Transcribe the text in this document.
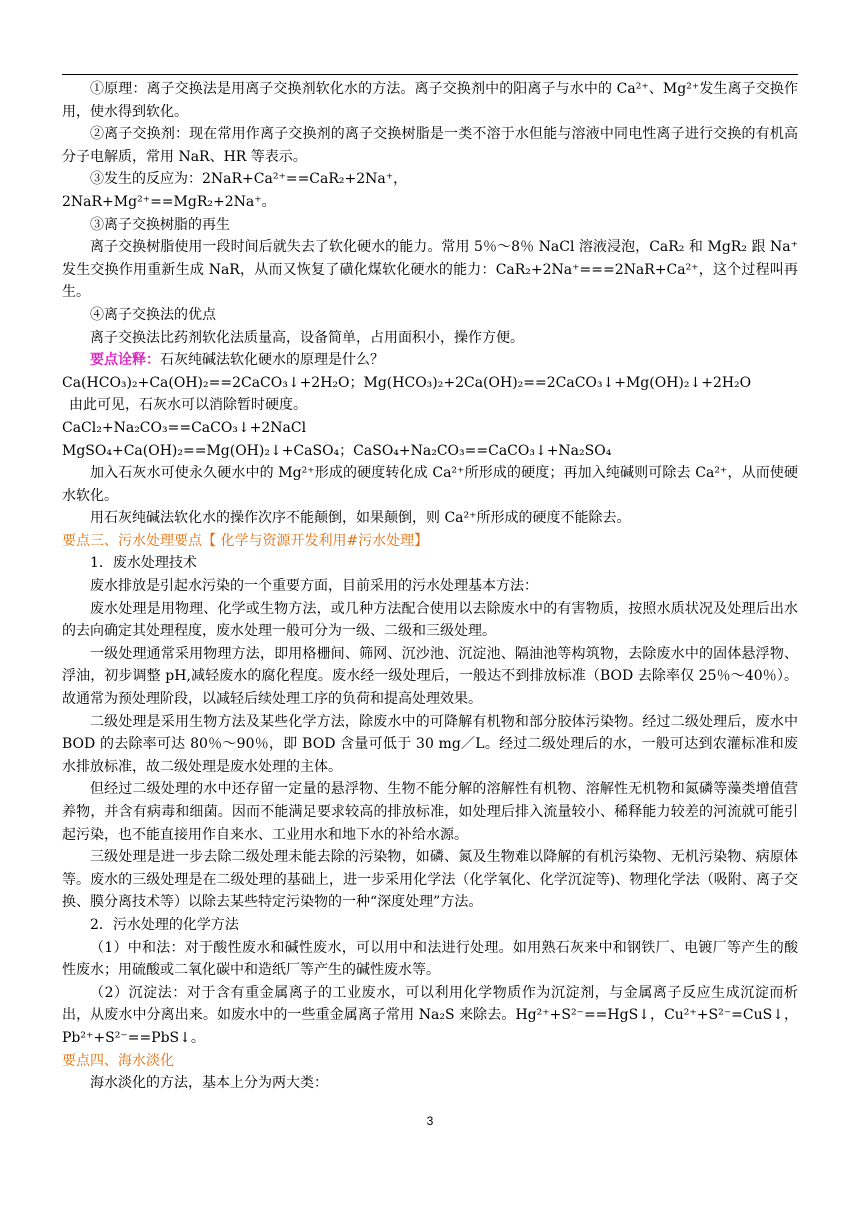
①原理：离子交换法是用离子交换剂软化水的方法。离子交换剂中的阳离子与水中的 Ca²⁺、Mg²⁺发生离子交换作用，使水得到软化。

②离子交换剂：现在常用作离子交换剂的离子交换树脂是一类不溶于水但能与溶液中同电性离子进行交换的有机高分子电解质，常用 NaR、HR 等表示。

③发生的反应为：2NaR+Ca²⁺==CaR₂+2Na⁺，

2NaR+Mg²⁺==MgR₂+2Na⁺。

③离子交换树脂的再生

离子交换树脂使用一段时间后就失去了软化硬水的能力。常用 5％～8％ NaCl 溶液浸泡，CaR₂ 和 MgR₂ 跟 Na⁺发生交换作用重新生成 NaR，从而又恢复了磺化煤软化硬水的能力：CaR₂+2Na⁺===2NaR+Ca²⁺，这个过程叫再生。

④离子交换法的优点

离子交换法比药剂软化法质量高，设备简单，占用面积小，操作方便。

要点诠释：石灰纯碱法软化硬水的原理是什么？

Ca(HCO₃)₂+Ca(OH)₂==2CaCO₃↓+2H₂O；Mg(HCO₃)₂+2Ca(OH)₂==2CaCO₃↓+Mg(OH)₂↓+2H₂O

由此可见，石灰水可以消除暂时硬度。

CaCl₂+Na₂CO₃==CaCO₃↓+2NaCl

MgSO₄+Ca(OH)₂==Mg(OH)₂↓+CaSO₄；CaSO₄+Na₂CO₃==CaCO₃↓+Na₂SO₄

加入石灰水可使永久硬水中的 Mg²⁺形成的硬度转化成 Ca²⁺所形成的硬度；再加入纯碱则可除去 Ca²⁺，从而使硬水软化。

用石灰纯碱法软化水的操作次序不能颠倒，如果颠倒，则 Ca²⁺所形成的硬度不能除去。

要点三、污水处理要点【 化学与资源开发利用#污水处理】

1．废水处理技术

废水排放是引起水污染的一个重要方面，目前采用的污水处理基本方法：

废水处理是用物理、化学或生物方法，或几种方法配合使用以去除废水中的有害物质，按照水质状况及处理后出水的去向确定其处理程度，废水处理一般可分为一级、二级和三级处理。

一级处理通常采用物理方法，即用格栅间、筛网、沉沙池、沉淀池、隔油池等构筑物，去除废水中的固体悬浮物、浮油，初步调整 pH,减轻废水的腐化程度。废水经一级处理后，一般达不到排放标准（BOD 去除率仅 25％～40％）。故通常为预处理阶段，以减轻后续处理工序的负荷和提高处理效果。

二级处理是采用生物方法及某些化学方法，除废水中的可降解有机物和部分胶体污染物。经过二级处理后，废水中 BOD 的去除率可达 80％～90％，即 BOD 含量可低于 30 mg／L。经过二级处理后的水，一般可达到农灌标准和废水排放标准，故二级处理是废水处理的主体。

但经过二级处理的水中还存留一定量的悬浮物、生物不能分解的溶解性有机物、溶解性无机物和氮磷等藻类增值营养物，并含有病毒和细菌。因而不能满足要求较高的排放标准，如处理后排入流量较小、稀释能力较差的河流就可能引起污染，也不能直接用作自来水、工业用水和地下水的补给水源。

三级处理是进一步去除二级处理未能去除的污染物，如磷、氮及生物难以降解的有机污染物、无机污染物、病原体等。废水的三级处理是在二级处理的基础上，进一步采用化学法（化学氧化、化学沉淀等)、物理化学法（吸附、离子交换、膜分离技术等）以除去某些特定污染物的一种“深度处理”方法。

2．污水处理的化学方法

（1）中和法：对于酸性废水和碱性废水，可以用中和法进行处理。如用熟石灰来中和钢铁厂、电镀厂等产生的酸性废水；用硫酸或二氧化碳中和造纸厂等产生的碱性废水等。

（2）沉淀法：对于含有重金属离子的工业废水，可以利用化学物质作为沉淀剂，与金属离子反应生成沉淀而析出，从废水中分离出来。如废水中的一些重金属离子常用 Na₂S 来除去。Hg²⁺+S²⁻==HgS↓，Cu²⁺+S²⁻=CuS↓，Pb²⁺+S²⁻==PbS↓。

要点四、海水淡化

海水淡化的方法，基本上分为两大类：

3
